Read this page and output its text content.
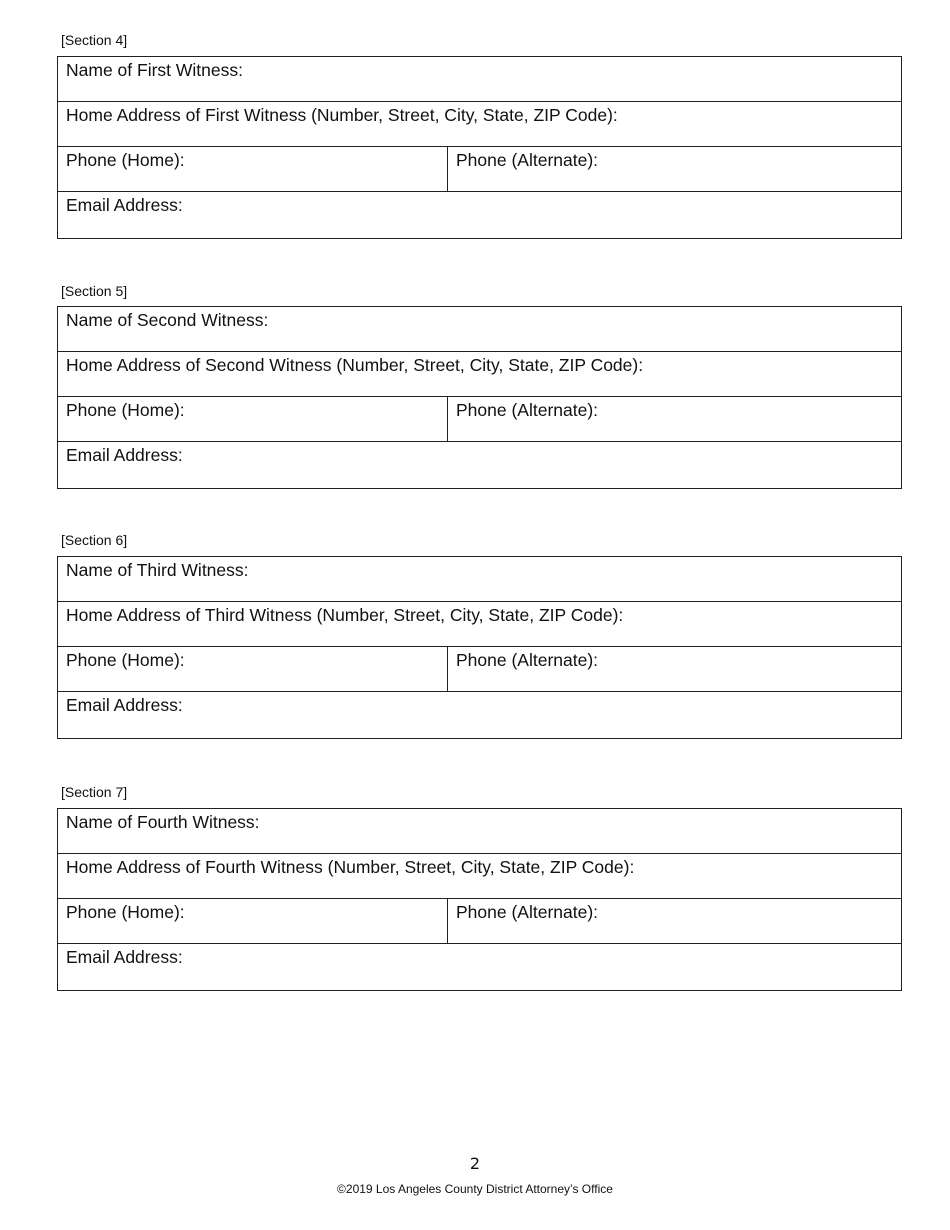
[Section 4]
Name of First Witness:
Home Address of First Witness (Number, Street, City, State, ZIP Code):
Phone (Home):	Phone (Alternate):
Email Address:
[Section 5]
Name of Second Witness:
Home Address of Second Witness (Number, Street, City, State, ZIP Code):
Phone (Home):	Phone (Alternate):
Email Address:
[Section 6]
Name of Third Witness:
Home Address of Third Witness (Number, Street, City, State, ZIP Code):
Phone (Home):	Phone (Alternate):
Email Address:
[Section 7]
Name of Fourth Witness:
Home Address of Fourth Witness (Number, Street, City, State, ZIP Code):
Phone (Home):	Phone (Alternate):
Email Address:
2
©2019 Los Angeles County District Attorney’s Office
